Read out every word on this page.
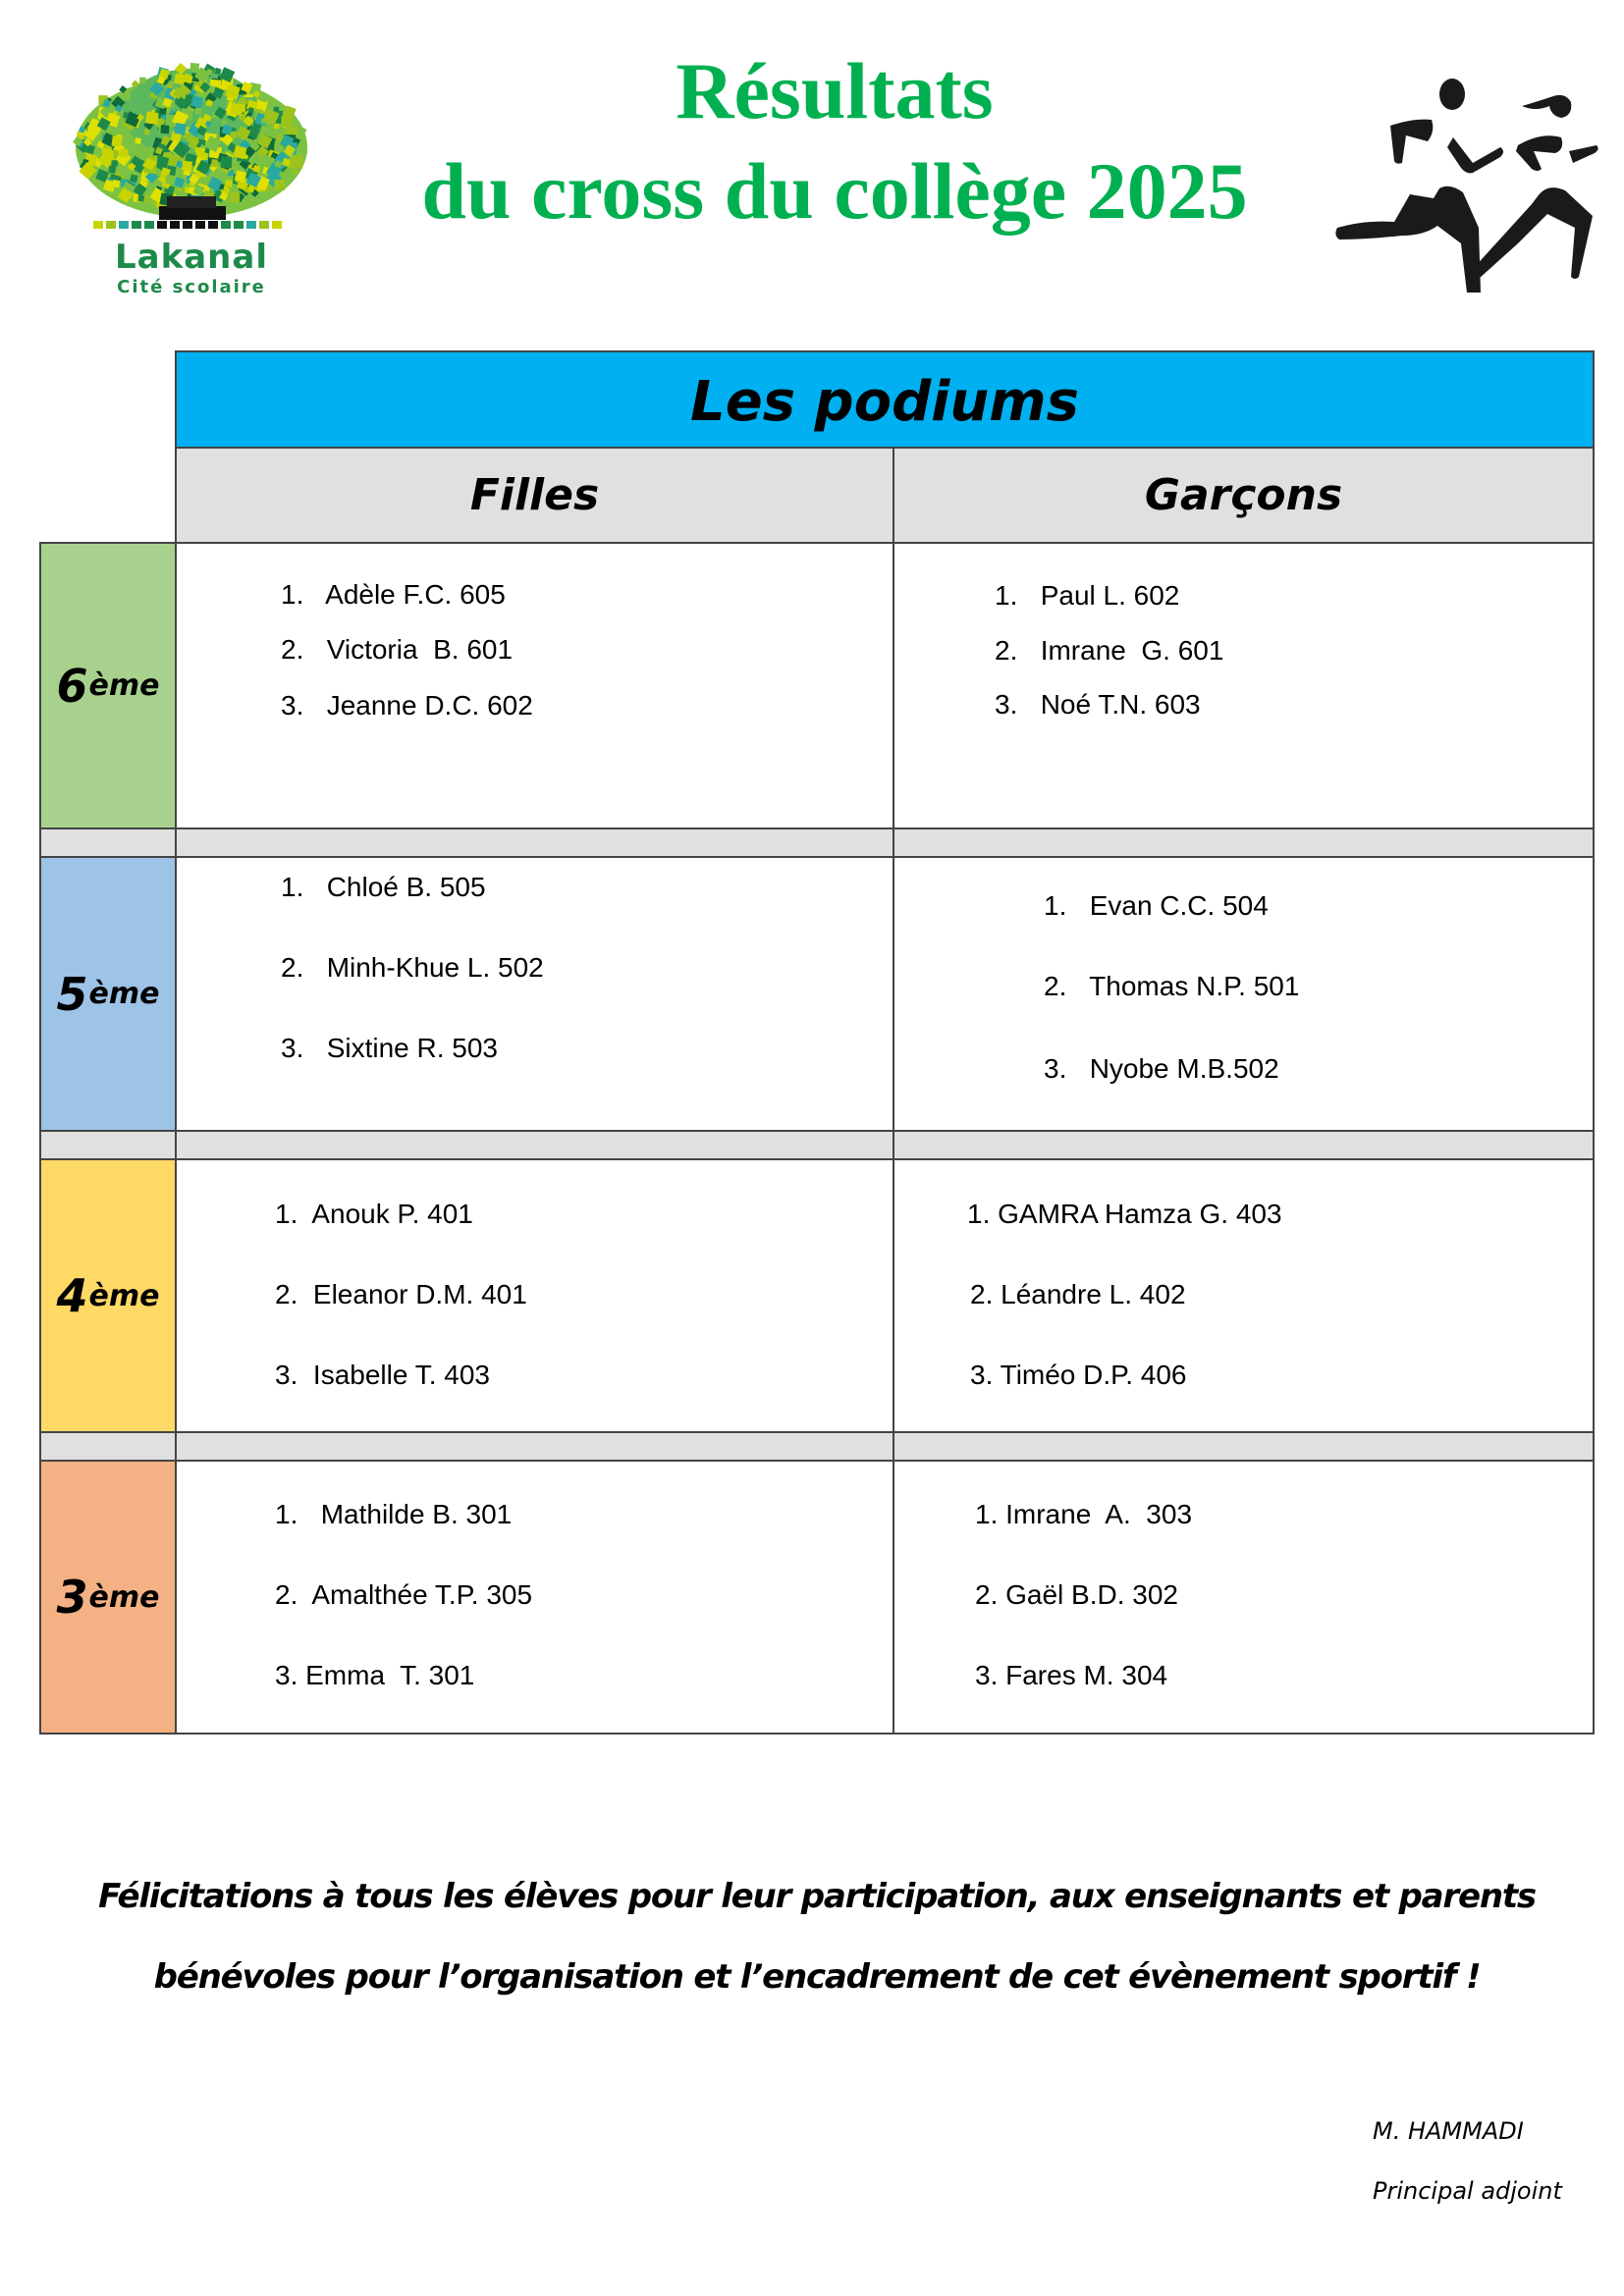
Lakanal
Cité scolaire
Résultats
du cross du collège 2025
Les podiums
Filles	Garçons
6 ème

1.   Adèle F.C. 605

2.   Victoria  B. 601

3.   Jeanne D.C. 602

1.   Paul L. 602

2.   Imrane  G. 601

3.   Noé T.N. 603

5 ème

1.   Chloé B. 505

2.   Minh-Khue L. 502

3.   Sixtine R. 503

1.   Evan C.C. 504

2.   Thomas N.P. 501

3.   Nyobe M.B.502

4 ème

1.  Anouk P. 401

2.  Eleanor D.M. 401

3.  Isabelle T. 403

1. GAMRA Hamza G. 403

2. Léandre L. 402

3. Timéo D.P. 406

3 ème

1.   Mathilde B. 301

2.  Amalthée T.P. 305

3. Emma  T. 301

1. Imrane  A.  303

2. Gaël B.D. 302

3. Fares M. 304

Félicitations à tous les élèves pour leur participation, aux enseignants et parents
bénévoles pour l’organisation et l’encadrement de cet évènement sportif !
M. HAMMADI
Principal adjoint
